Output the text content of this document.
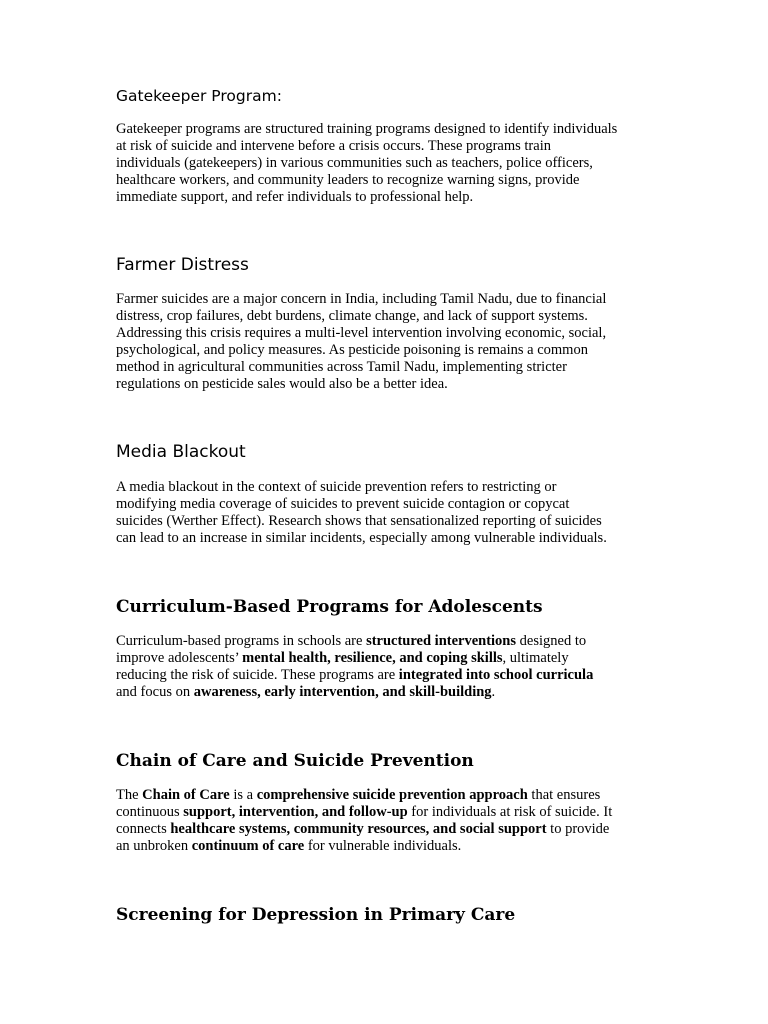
Gatekeeper Program:

Gatekeeper programs are structured training programs designed to identify individuals
at risk of suicide and intervene before a crisis occurs. These programs train
individuals (gatekeepers) in various communities such as teachers, police officers,
healthcare workers, and community leaders to recognize warning signs, provide
immediate support, and refer individuals to professional help.

Farmer Distress

Farmer suicides are a major concern in India, including Tamil Nadu, due to financial
distress, crop failures, debt burdens, climate change, and lack of support systems.
Addressing this crisis requires a multi-level intervention involving economic, social,
psychological, and policy measures. As pesticide poisoning is remains a common
method in agricultural communities across Tamil Nadu, implementing stricter
regulations on pesticide sales would also be a better idea.

Media Blackout

A media blackout in the context of suicide prevention refers to restricting or
modifying media coverage of suicides to prevent suicide contagion or copycat
suicides (Werther Effect). Research shows that sensationalized reporting of suicides
can lead to an increase in similar incidents, especially among vulnerable individuals.

Curriculum-Based Programs for Adolescents

Curriculum-based programs in schools are structured interventions designed to
improve adolescents’ mental health, resilience, and coping skills, ultimately
reducing the risk of suicide. These programs are integrated into school curricula
and focus on awareness, early intervention, and skill-building.

Chain of Care and Suicide Prevention

The Chain of Care is a comprehensive suicide prevention approach that ensures
continuous support, intervention, and follow-up for individuals at risk of suicide. It
connects healthcare systems, community resources, and social support to provide
an unbroken continuum of care for vulnerable individuals.

Screening for Depression in Primary Care
